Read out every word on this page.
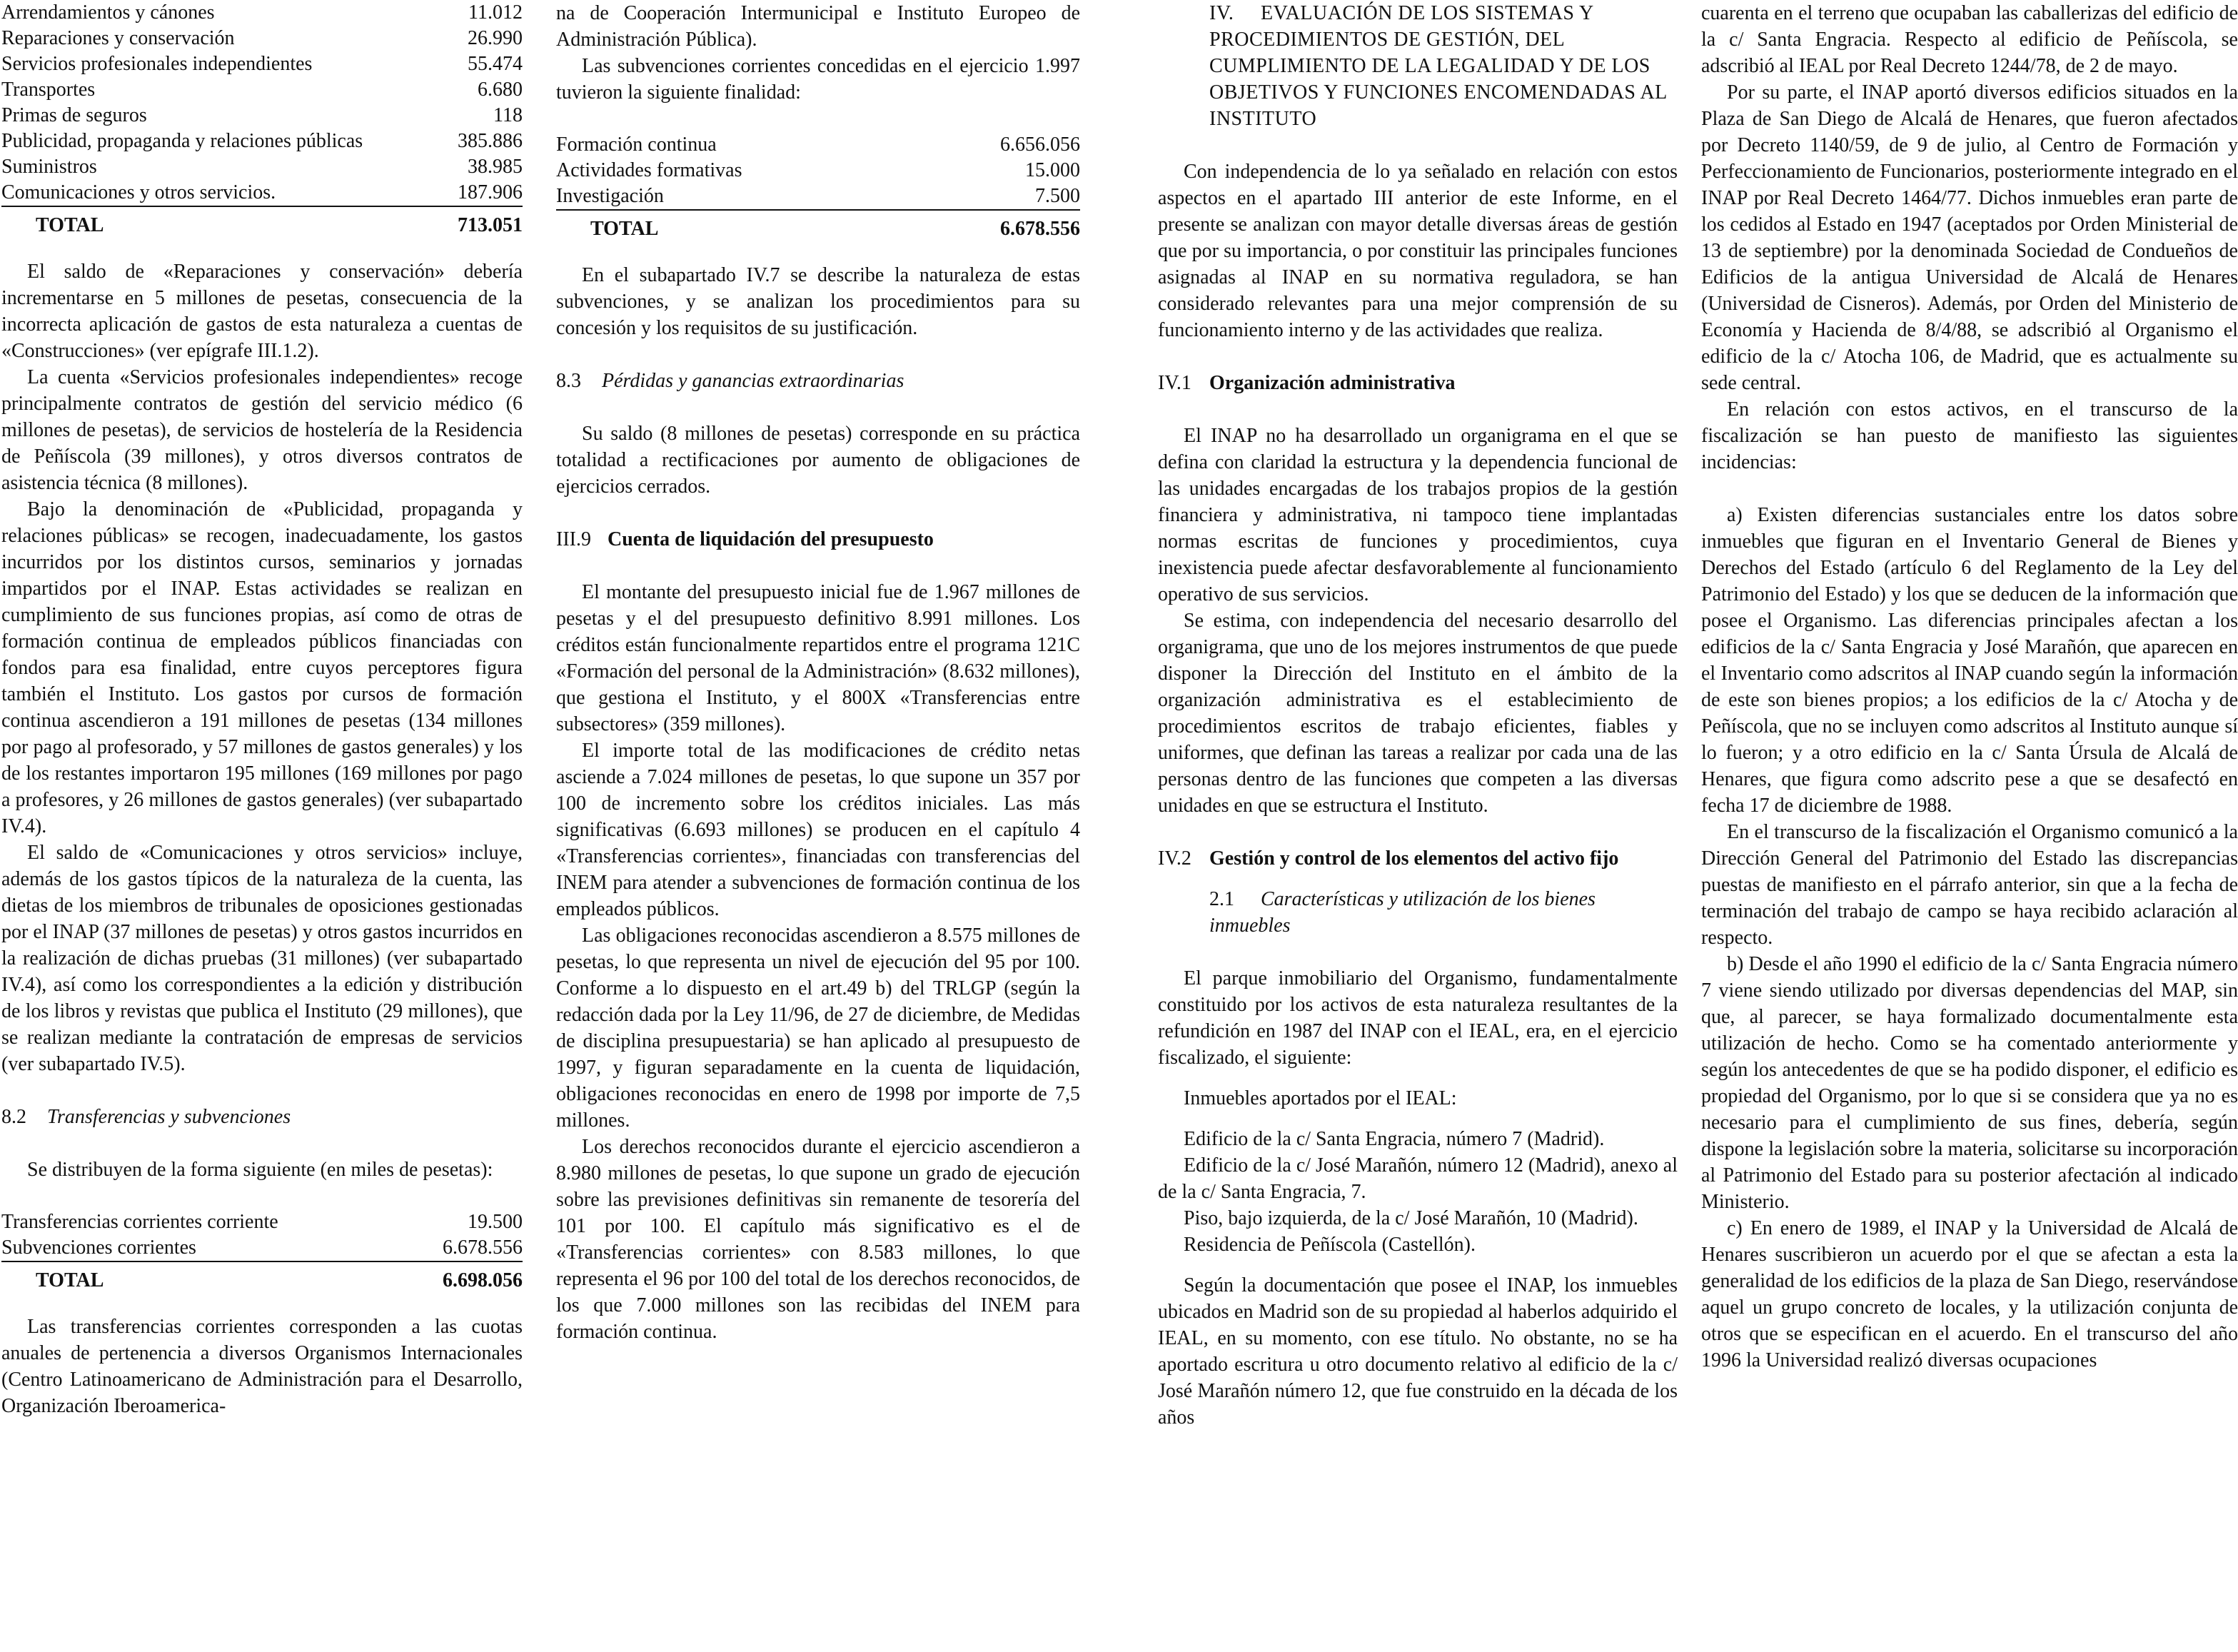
Arrendamientos y cánones	11.012
Reparaciones y conservación	26.990
Servicios profesionales independientes	55.474
Transportes	6.680
Primas de seguros	118
Publicidad, propaganda y relaciones públicas	385.886
Suministros	38.985
Comunicaciones y otros servicios.	187.906
TOTAL	713.051

El saldo de «Reparaciones y conservación» debería incrementarse en 5 millones de pesetas, consecuencia de la incorrecta aplicación de gastos de esta naturaleza a cuentas de «Construcciones» (ver epígrafe III.1.2).

La cuenta «Servicios profesionales independientes» recoge principalmente contratos de gestión del servicio médico (6 millones de pesetas), de servicios de hostelería de la Residencia de Peñíscola (39 millones), y otros diversos contratos de asistencia técnica (8 millones).

Bajo la denominación de «Publicidad, propaganda y relaciones públicas» se recogen, inadecuadamente, los gastos incurridos por los distintos cursos, seminarios y jornadas impartidos por el INAP. Estas actividades se realizan en cumplimiento de sus funciones propias, así como de otras de formación continua de empleados públicos financiadas con fondos para esa finalidad, entre cuyos perceptores figura también el Instituto. Los gastos por cursos de formación continua ascendieron a 191 millones de pesetas (134 millones por pago al profesorado, y 57 millones de gastos generales) y los de los restantes importaron 195 millones (169 millones por pago a profesores, y 26 millones de gastos generales) (ver subapartado IV.4).

El saldo de «Comunicaciones y otros servicios» incluye, además de los gastos típicos de la naturaleza de la cuenta, las dietas de los miembros de tribunales de oposiciones gestionadas por el INAP (37 millones de pesetas) y otros gastos incurridos en la realización de dichas pruebas (31 millones) (ver subapartado IV.4), así como los correspondientes a la edición y distribución de los libros y revistas que publica el Instituto (29 millones), que se realizan mediante la contratación de empresas de servicios (ver subapartado IV.5).

8.2 Transferencias y subvenciones

Se distribuyen de la forma siguiente (en miles de pesetas):

Transferencias corrientes corriente	19.500
Subvenciones corrientes	6.678.556
TOTAL	6.698.056

Las transferencias corrientes corresponden a las cuotas anuales de pertenencia a diversos Organismos Internacionales (Centro Latinoamericano de Administración para el Desarrollo, Organización Iberoamerica-

na de Cooperación Intermunicipal e Instituto Europeo de Administración Pública).

Las subvenciones corrientes concedidas en el ejercicio 1.997 tuvieron la siguiente finalidad:

Formación continua	6.656.056
Actividades formativas	15.000
Investigación	7.500
TOTAL	6.678.556

En el subapartado IV.7 se describe la naturaleza de estas subvenciones, y se analizan los procedimientos para su concesión y los requisitos de su justificación.

8.3 Pérdidas y ganancias extraordinarias

Su saldo (8 millones de pesetas) corresponde en su práctica totalidad a rectificaciones por aumento de obligaciones de ejercicios cerrados.

III.9 Cuenta de liquidación del presupuesto

El montante del presupuesto inicial fue de 1.967 millones de pesetas y el del presupuesto definitivo 8.991 millones. Los créditos están funcionalmente repartidos entre el programa 121C «Formación del personal de la Administración» (8.632 millones), que gestiona el Instituto, y el 800X «Transferencias entre subsectores» (359 millones).

El importe total de las modificaciones de crédito netas asciende a 7.024 millones de pesetas, lo que supone un 357 por 100 de incremento sobre los créditos iniciales. Las más significativas (6.693 millones) se producen en el capítulo 4 «Transferencias corrientes», financiadas con transferencias del INEM para atender a subvenciones de formación continua de los empleados públicos.

Las obligaciones reconocidas ascendieron a 8.575 millones de pesetas, lo que representa un nivel de ejecución del 95 por 100. Conforme a lo dispuesto en el art.49 b) del TRLGP (según la redacción dada por la Ley 11/96, de 27 de diciembre, de Medidas de disciplina presupuestaria) se han aplicado al presupuesto de 1997, y figuran separadamente en la cuenta de liquidación, obligaciones reconocidas en enero de 1998 por importe de 7,5 millones.

Los derechos reconocidos durante el ejercicio ascendieron a 8.980 millones de pesetas, lo que supone un grado de ejecución sobre las previsiones definitivas sin remanente de tesorería del 101 por 100. El capítulo más significativo es el de «Transferencias corrientes» con 8.583 millones, lo que representa el 96 por 100 del total de los derechos reconocidos, de los que 7.000 millones son las recibidas del INEM para formación continua.

IV. EVALUACIÓN DE LOS SISTEMAS Y PROCEDIMIENTOS DE GESTIÓN, DEL CUMPLIMIENTO DE LA LEGALIDAD Y DE LOS OBJETIVOS Y FUNCIONES ENCOMENDADAS AL INSTITUTO

Con independencia de lo ya señalado en relación con estos aspectos en el apartado III anterior de este Informe, en el presente se analizan con mayor detalle diversas áreas de gestión que por su importancia, o por constituir las principales funciones asignadas al INAP en su normativa reguladora, se han considerado relevantes para una mejor comprensión de su funcionamiento interno y de las actividades que realiza.

IV.1 Organización administrativa

El INAP no ha desarrollado un organigrama en el que se defina con claridad la estructura y la dependencia funcional de las unidades encargadas de los trabajos propios de la gestión financiera y administrativa, ni tampoco tiene implantadas normas escritas de funciones y procedimientos, cuya inexistencia puede afectar desfavorablemente al funcionamiento operativo de sus servicios.

Se estima, con independencia del necesario desarrollo del organigrama, que uno de los mejores instrumentos de que puede disponer la Dirección del Instituto en el ámbito de la organización administrativa es el establecimiento de procedimientos escritos de trabajo eficientes, fiables y uniformes, que definan las tareas a realizar por cada una de las personas dentro de las funciones que competen a las diversas unidades en que se estructura el Instituto.

IV.2 Gestión y control de los elementos del activo fijo

2.1 Características y utilización de los bienes inmuebles

El parque inmobiliario del Organismo, fundamentalmente constituido por los activos de esta naturaleza resultantes de la refundición en 1987 del INAP con el IEAL, era, en el ejercicio fiscalizado, el siguiente:

Inmuebles aportados por el IEAL:

Edificio de la c/ Santa Engracia, número 7 (Madrid).

Edificio de la c/ José Marañón, número 12 (Madrid), anexo al de la c/ Santa Engracia, 7.

Piso, bajo izquierda, de la c/ José Marañón, 10 (Madrid).

Residencia de Peñíscola (Castellón).

Según la documentación que posee el INAP, los inmuebles ubicados en Madrid son de su propiedad al haberlos adquirido el IEAL, en su momento, con ese título. No obstante, no se ha aportado escritura u otro documento relativo al edificio de la c/ José Marañón número 12, que fue construido en la década de los años

cuarenta en el terreno que ocupaban las caballerizas del edificio de la c/ Santa Engracia. Respecto al edificio de Peñíscola, se adscribió al IEAL por Real Decreto 1244/78, de 2 de mayo.

Por su parte, el INAP aportó diversos edificios situados en la Plaza de San Diego de Alcalá de Henares, que fueron afectados por Decreto 1140/59, de 9 de julio, al Centro de Formación y Perfeccionamiento de Funcionarios, posteriormente integrado en el INAP por Real Decreto 1464/77. Dichos inmuebles eran parte de los cedidos al Estado en 1947 (aceptados por Orden Ministerial de 13 de septiembre) por la denominada Sociedad de Condueños de Edificios de la antigua Universidad de Alcalá de Henares (Universidad de Cisneros). Además, por Orden del Ministerio de Economía y Hacienda de 8/4/88, se adscribió al Organismo el edificio de la c/ Atocha 106, de Madrid, que es actualmente su sede central.

En relación con estos activos, en el transcurso de la fiscalización se han puesto de manifiesto las siguientes incidencias:

a) Existen diferencias sustanciales entre los datos sobre inmuebles que figuran en el Inventario General de Bienes y Derechos del Estado (artículo 6 del Reglamento de la Ley del Patrimonio del Estado) y los que se deducen de la información que posee el Organismo. Las diferencias principales afectan a los edificios de la c/ Santa Engracia y José Marañón, que aparecen en el Inventario como adscritos al INAP cuando según la información de este son bienes propios; a los edificios de la c/ Atocha y de Peñíscola, que no se incluyen como adscritos al Instituto aunque sí lo fueron; y a otro edificio en la c/ Santa Úrsula de Alcalá de Henares, que figura como adscrito pese a que se desafectó en fecha 17 de diciembre de 1988.

En el transcurso de la fiscalización el Organismo comunicó a la Dirección General del Patrimonio del Estado las discrepancias puestas de manifiesto en el párrafo anterior, sin que a la fecha de terminación del trabajo de campo se haya recibido aclaración al respecto.

b) Desde el año 1990 el edificio de la c/ Santa Engracia número 7 viene siendo utilizado por diversas dependencias del MAP, sin que, al parecer, se haya formalizado documentalmente esta utilización de hecho. Como se ha comentado anteriormente y según los antecedentes de que se ha podido disponer, el edificio es propiedad del Organismo, por lo que si se considera que ya no es necesario para el cumplimiento de sus fines, debería, según dispone la legislación sobre la materia, solicitarse su incorporación al Patrimonio del Estado para su posterior afectación al indicado Ministerio.

c) En enero de 1989, el INAP y la Universidad de Alcalá de Henares suscribieron un acuerdo por el que se afectan a esta la generalidad de los edificios de la plaza de San Diego, reservándose aquel un grupo concreto de locales, y la utilización conjunta de otros que se especifican en el acuerdo. En el transcurso del año 1996 la Universidad realizó diversas ocupaciones
